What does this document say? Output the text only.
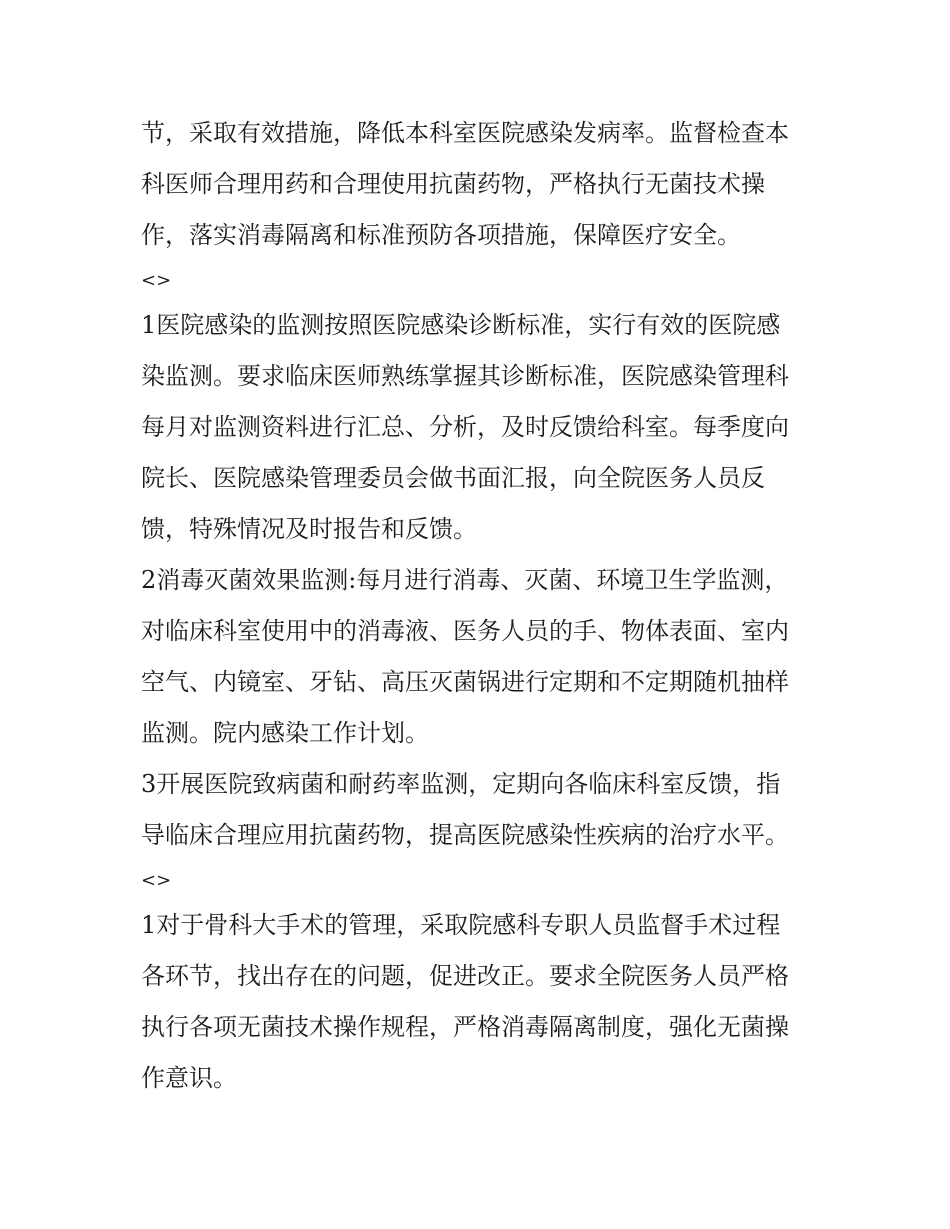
节，采取有效措施，降低本科室医院感染发病率。监督检查本
科医师合理用药和合理使用抗菌药物，严格执行无菌技术操
作，落实消毒隔离和标准预防各项措施，保障医疗安全。
<>
1医院感染的监测按照医院感染诊断标准，实行有效的医院感
染监测。要求临床医师熟练掌握其诊断标准，医院感染管理科
每月对监测资料进行汇总、分析，及时反馈给科室。每季度向
院长、医院感染管理委员会做书面汇报，向全院医务人员反
馈，特殊情况及时报告和反馈。
2消毒灭菌效果监测:每月进行消毒、灭菌、环境卫生学监测，
对临床科室使用中的消毒液、医务人员的手、物体表面、室内
空气、内镜室、牙钻、高压灭菌锅进行定期和不定期随机抽样
监测。院内感染工作计划。
3开展医院致病菌和耐药率监测，定期向各临床科室反馈，指
导临床合理应用抗菌药物，提高医院感染性疾病的治疗水平。
<>
1对于骨科大手术的管理，采取院感科专职人员监督手术过程
各环节，找出存在的问题，促进改正。要求全院医务人员严格
执行各项无菌技术操作规程，严格消毒隔离制度，强化无菌操
作意识。
